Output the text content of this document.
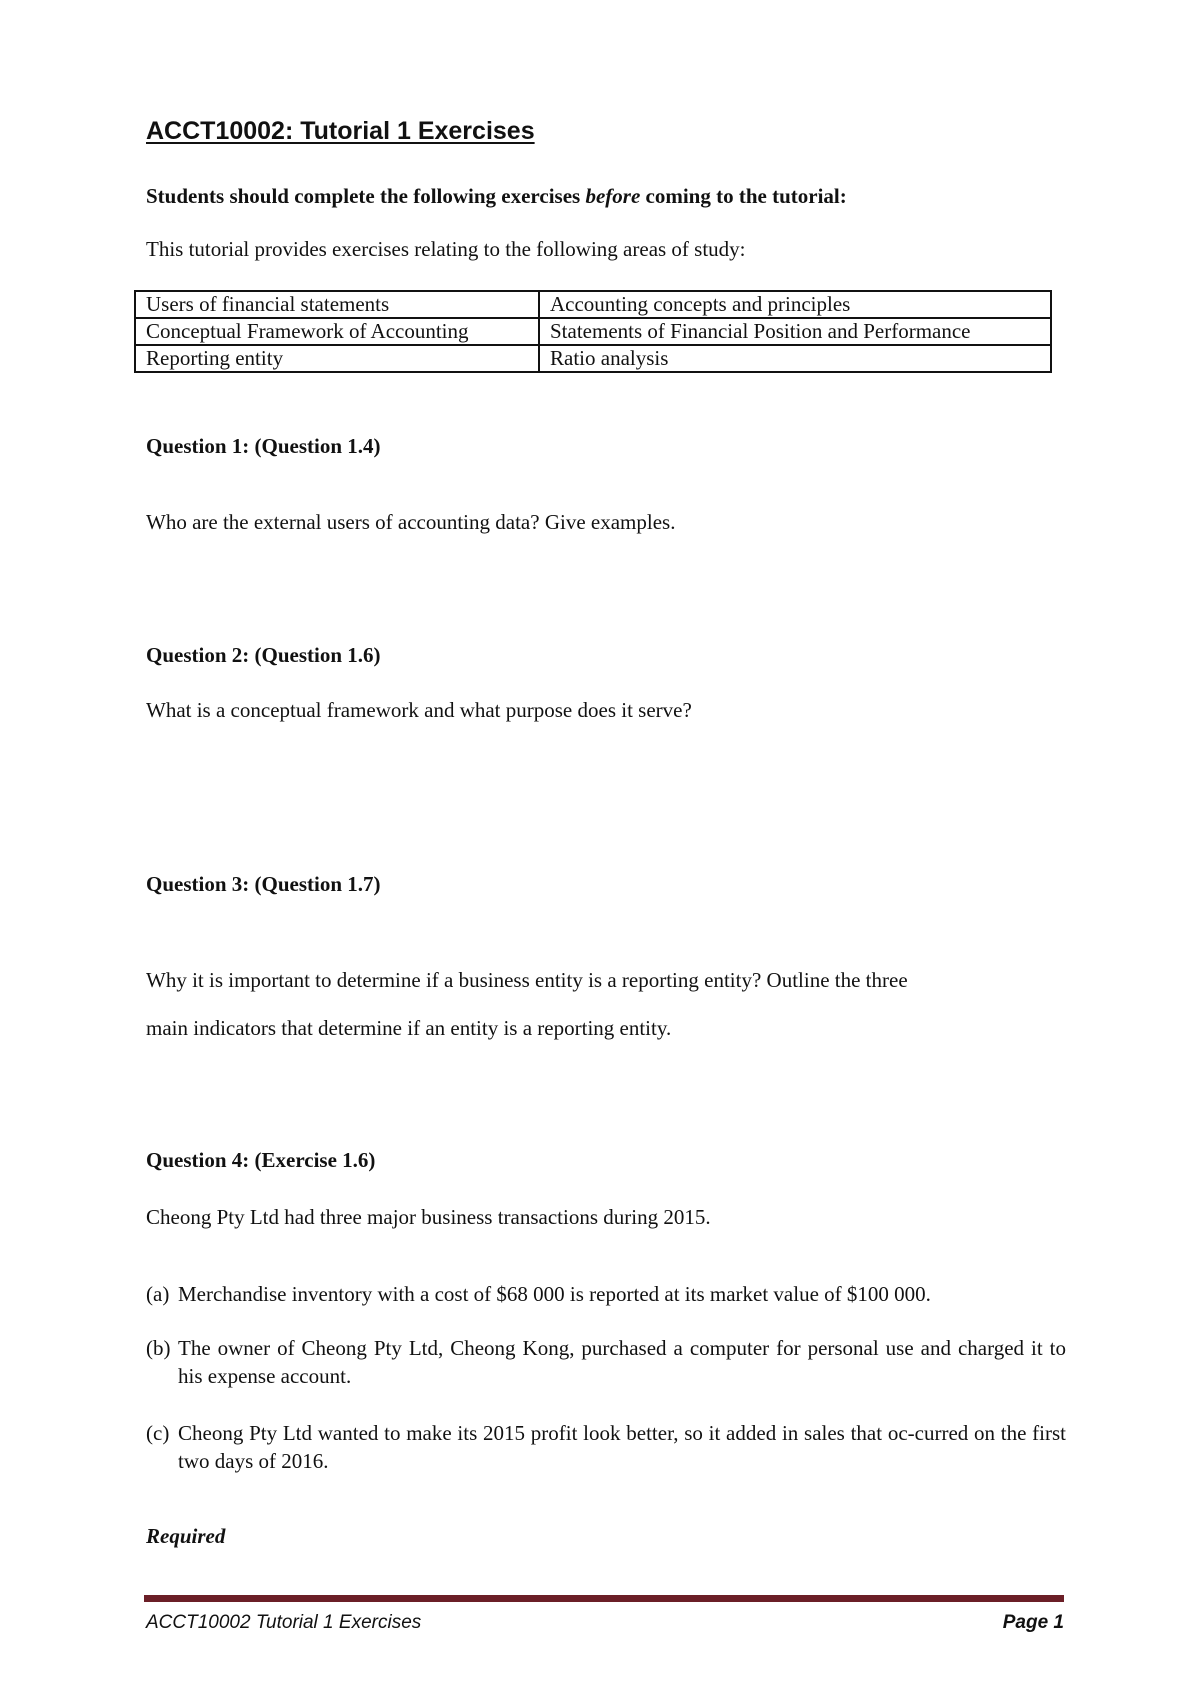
ACCT10002: Tutorial 1 Exercises
Students should complete the following exercises before coming to the tutorial:
This tutorial provides exercises relating to the following areas of study:
Users of financial statements	Accounting concepts and principles
Conceptual Framework of Accounting	Statements of Financial Position and Performance
Reporting entity	Ratio analysis
Question 1: (Question 1.4)
Who are the external users of accounting data? Give examples.
Question 2: (Question 1.6)
What is a conceptual framework and what purpose does it serve?
Question 3: (Question 1.7)
Why it is important to determine if a business entity is a reporting entity? Outline the three
main indicators that determine if an entity is a reporting entity.
Question 4: (Exercise 1.6)
Cheong Pty Ltd had three major business transactions during 2015.
(a) Merchandise inventory with a cost of $68 000 is reported at its market value of $100 000.
(b) The owner of Cheong Pty Ltd, Cheong Kong, purchased a computer for personal use and charged it to his expense account.
(c) Cheong Pty Ltd wanted to make its 2015 profit look better, so it added in sales that oc-curred on the first two days of 2016.
Required
ACCT10002 Tutorial 1 Exercises	Page 1
